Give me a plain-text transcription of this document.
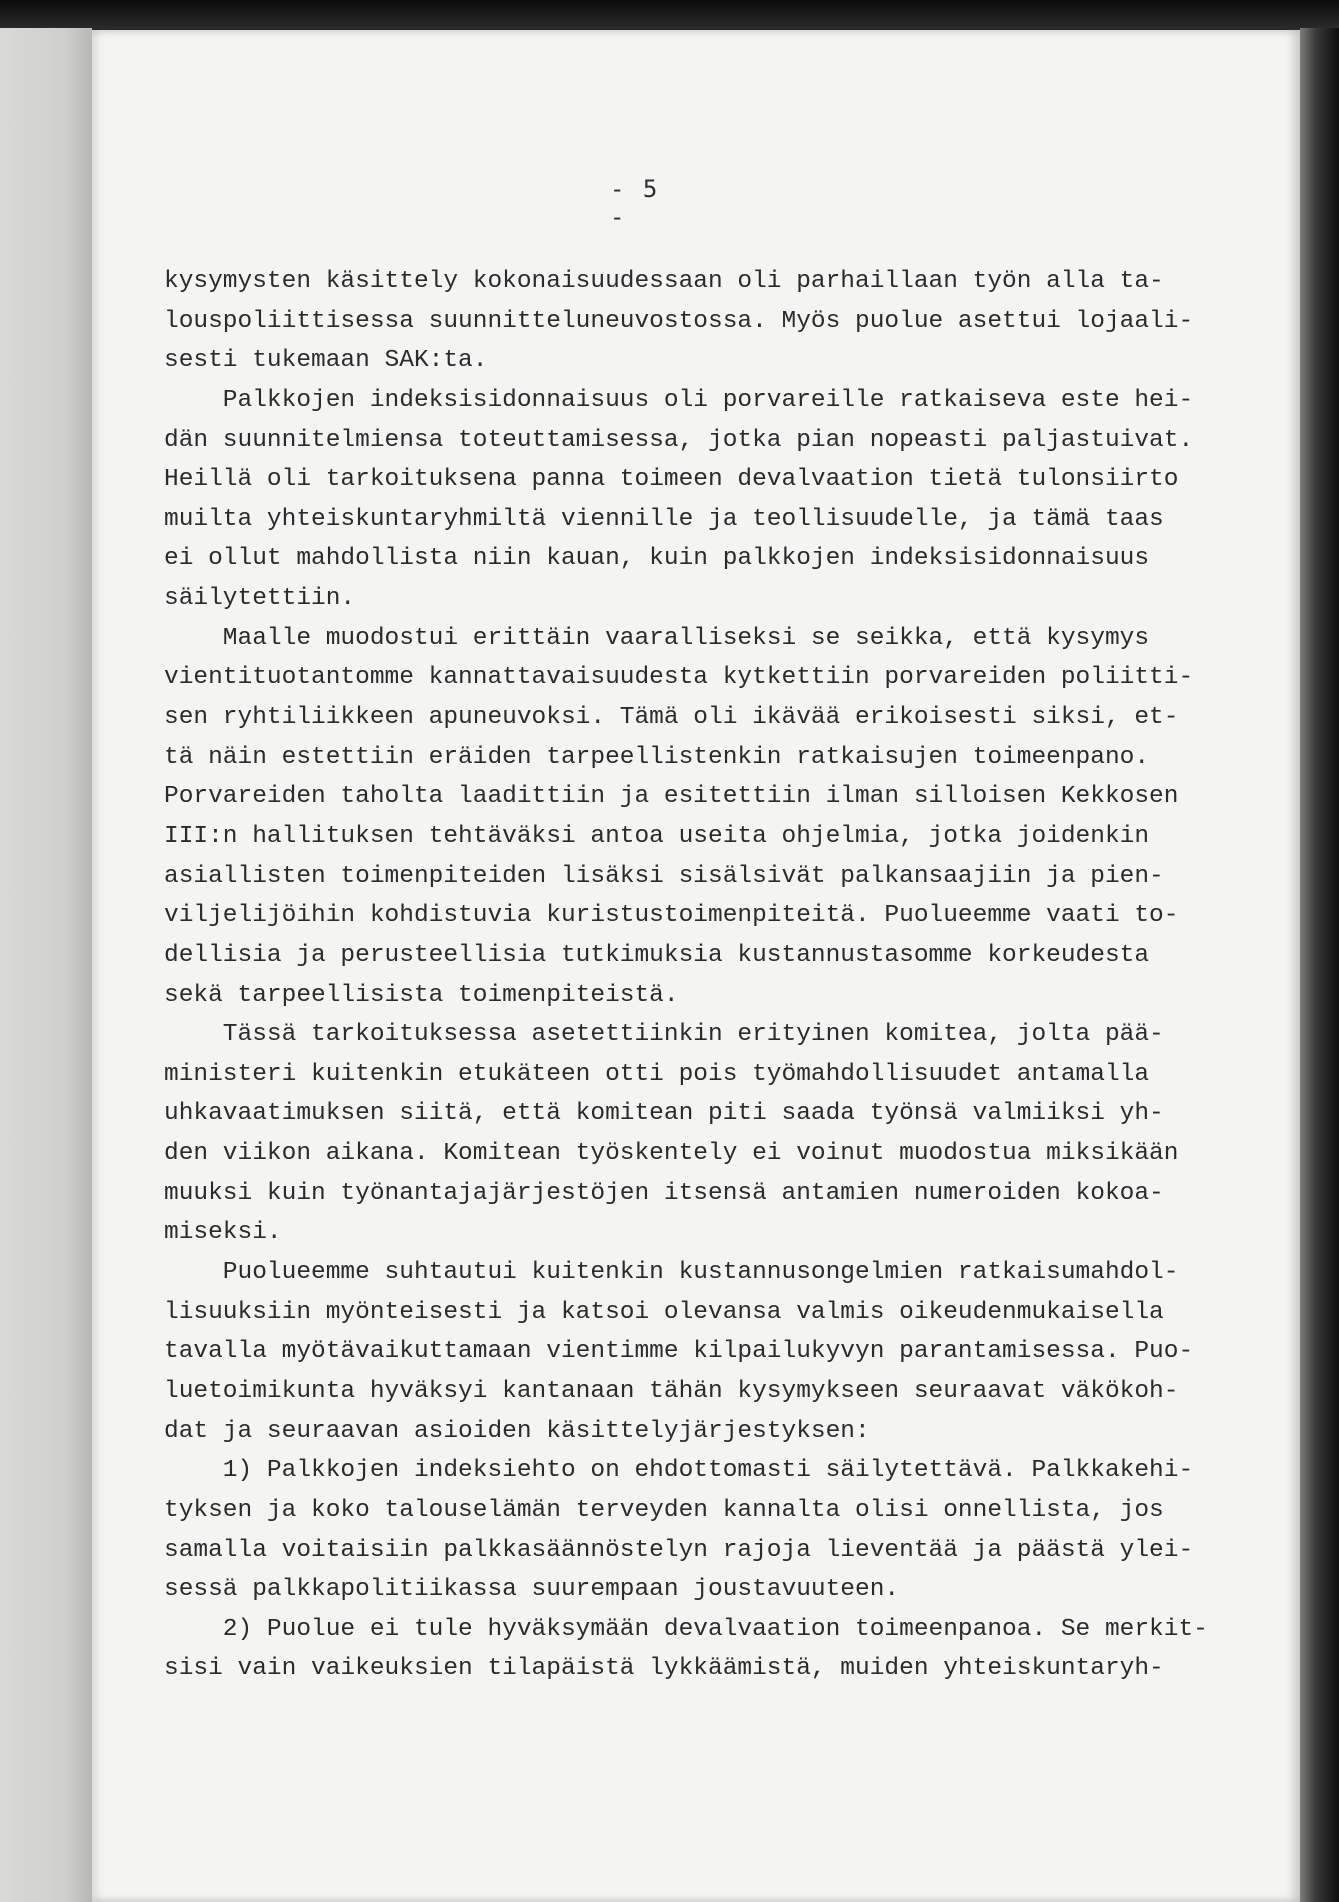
- 5 -
kysymysten käsittely kokonaisuudessaan oli parhaillaan työn alla ta-
louspoliittisessa suunnitteluneuvostossa. Myös puolue asettui lojaali-
sesti tukemaan SAK:ta.
Palkkojen indeksisidonnaisuus oli porvareille ratkaiseva este hei-
dän suunnitelmiensa toteuttamisessa, jotka pian nopeasti paljastuivat.
Heillä oli tarkoituksena panna toimeen devalvaation tietä tulonsiirto
muilta yhteiskuntaryhmiltä viennille ja teollisuudelle, ja tämä taas
ei ollut mahdollista niin kauan, kuin palkkojen indeksisidonnaisuus
säilytettiin.
Maalle muodostui erittäin vaaralliseksi se seikka, että kysymys
vientituotantomme kannattavaisuudesta kytkettiin porvareiden poliitti-
sen ryhtiliikkeen apuneuvoksi. Tämä oli ikävää erikoisesti siksi, et-
tä näin estettiin eräiden tarpeellistenkin ratkaisujen toimeenpano.
Porvareiden taholta laadittiin ja esitettiin ilman silloisen Kekkosen
III:n hallituksen tehtäväksi antoa useita ohjelmia, jotka joidenkin
asiallisten toimenpiteiden lisäksi sisälsivät palkansaajiin ja pien-
viljelijöihin kohdistuvia kuristustoimenpiteitä. Puolueemme vaati to-
dellisia ja perusteellisia tutkimuksia kustannustasomme korkeudesta
sekä tarpeellisista toimenpiteistä.
Tässä tarkoituksessa asetettiinkin erityinen komitea, jolta pää-
ministeri kuitenkin etukäteen otti pois työmahdollisuudet antamalla
uhkavaatimuksen siitä, että komitean piti saada työnsä valmiiksi yh-
den viikon aikana. Komitean työskentely ei voinut muodostua miksikään
muuksi kuin työnantajajärjestöjen itsensä antamien numeroiden kokoa-
miseksi.
Puolueemme suhtautui kuitenkin kustannusongelmien ratkaisumahdol-
lisuuksiin myönteisesti ja katsoi olevansa valmis oikeudenmukaisella
tavalla myötävaikuttamaan vientimme kilpailukyvyn parantamisessa. Puo-
luetoimikunta hyväksyi kantanaan tähän kysymykseen seuraavat väkökoh-
dat ja seuraavan asioiden käsittelyjärjestyksen:
1) Palkkojen indeksiehto on ehdottomasti säilytettävä. Palkkakehi-
tyksen ja koko talouselämän terveyden kannalta olisi onnellista, jos
samalla voitaisiin palkkasäännöstelyn rajoja lieventää ja päästä ylei-
sessä palkkapolitiikassa suurempaan joustavuuteen.
2) Puolue ei tule hyväksymään devalvaation toimeenpanoa. Se merkit-
sisi vain vaikeuksien tilapäistä lykkäämistä, muiden yhteiskuntaryh-
